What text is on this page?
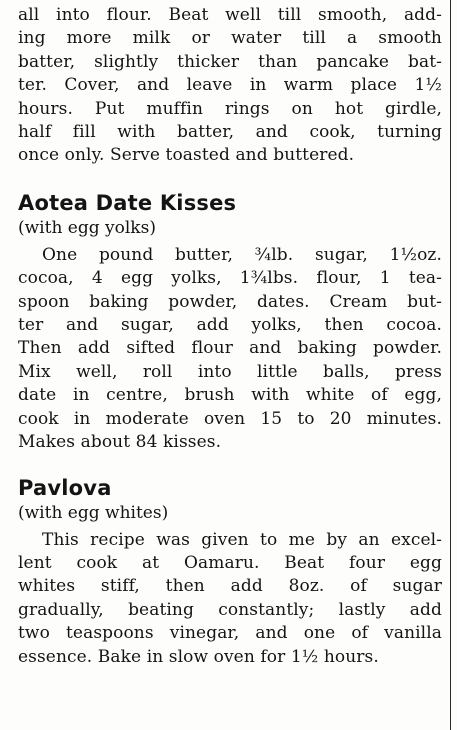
all into flour. Beat well till smooth, add-
ing more milk or water till a smooth
batter, slightly thicker than pancake bat-
ter. Cover, and leave in warm place 1½
hours. Put muffin rings on hot girdle,
half fill with batter, and cook, turning
once only. Serve toasted and buttered.
Aotea Date Kisses
(with egg yolks)
One pound butter, ¾lb. sugar, 1½oz.
cocoa, 4 egg yolks, 1¾lbs. flour, 1 tea-
spoon baking powder, dates. Cream but-
ter and sugar, add yolks, then cocoa.
Then add sifted flour and baking powder.
Mix well, roll into little balls, press
date in centre, brush with white of egg,
cook in moderate oven 15 to 20 minutes.
Makes about 84 kisses.
Pavlova
(with egg whites)
This recipe was given to me by an excel-
lent cook at Oamaru. Beat four egg
whites stiff, then add 8oz. of sugar
gradually, beating constantly; lastly add
two teaspoons vinegar, and one of vanilla
essence. Bake in slow oven for 1½ hours.
